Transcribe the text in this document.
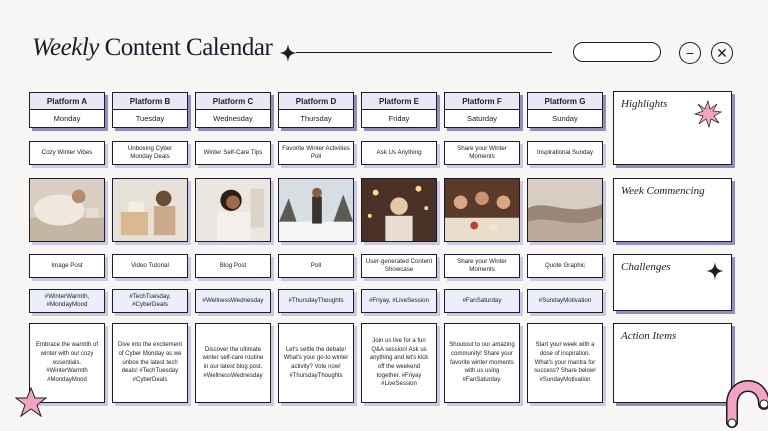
Weekly Content Calendar	− ✕
Platform A
Monday
Cozy Winter Vibes
Image Post
#WinterWarmth, #MondayMood
Embrace the warmth of winter with our cozy essentials. #WinterWarmth #MondayMood
Platform B
Tuesday
Unboxing Cyber Monday Deals
Video Tutorial
#TechTuesday, #CyberDeals
Dive into the excitement of Cyber Monday as we unbox the latest tech deals! #TechTuesday #CyberDeals
Platform C
Wednesday
Winter Self-Care Tips
Blog Post
#WellnessWednesday
Discover the ultimate winter self-care routine in our latest blog post. #WellnessWednesday
Platform D
Thursday
Favorite Winter Activities Poll
Poll
#ThursdayThoughts
Let's settle the debate! What's your go-to winter activity? Vote now! #ThursdayThoughts
Platform E
Friday
Ask Us Anything
User-generated Content Showcase
#Friyay, #LiveSession
Join us live for a fun Q&A session! Ask us anything and let's kick off the weekend together. #Friyay #LiveSession
Platform F
Saturday
Share your Winter Moments
Share your Winter Moments
#FanSaturday
Shoutout to our amazing community! Share your favorite winter moments with us using #FanSaturday.
Platform G
Sunday
Inspirational Sunday
Quote Graphic
#SundayMotivation
Start your week with a dose of inspiration. What's your mantra for success? Share below! #SundayMotivation
Highlights
Week Commencing
Challenges
Action Items
